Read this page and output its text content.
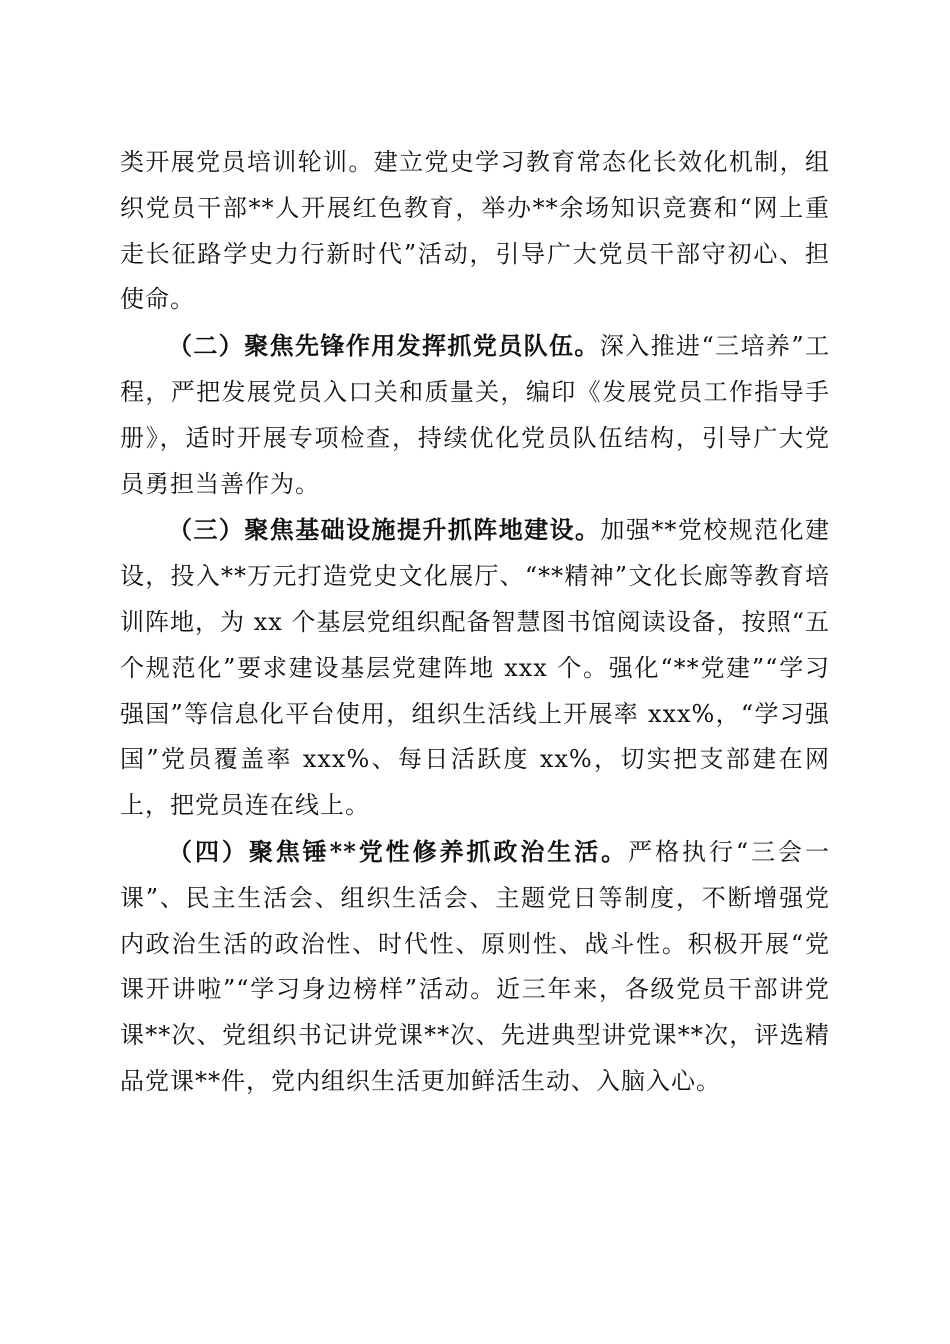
类开展党员培训轮训。建立党史学习教育常态化长效化机制，组织党员干部**人开展红色教育，举办**余场知识竞赛和“网上重走长征路学史力行新时代”活动，引导广大党员干部守初心、担使命。

（二）聚焦先锋作用发挥抓党员队伍。深入推进“三培养”工程，严把发展党员入口关和质量关，编印《发展党员工作指导手册》，适时开展专项检查，持续优化党员队伍结构，引导广大党员勇担当善作为。

（三）聚焦基础设施提升抓阵地建设。加强**党校规范化建设，投入**万元打造党史文化展厅、“**精神”文化长廊等教育培训阵地，为 xx 个基层党组织配备智慧图书馆阅读设备，按照“五个规范化”要求建设基层党建阵地 xxx 个。强化“**党建”“学习强国”等信息化平台使用，组织生活线上开展率 xxx%，“学习强国”党员覆盖率 xxx%、每日活跃度 xx%，切实把支部建在网上，把党员连在线上。

（四）聚焦锤**党性修养抓政治生活。严格执行“三会一课”、民主生活会、组织生活会、主题党日等制度，不断增强党内政治生活的政治性、时代性、原则性、战斗性。积极开展“党课开讲啦”“学习身边榜样”活动。近三年来，各级党员干部讲党课**次、党组织书记讲党课**次、先进典型讲党课**次，评选精品党课**件，党内组织生活更加鲜活生动、入脑入心。
